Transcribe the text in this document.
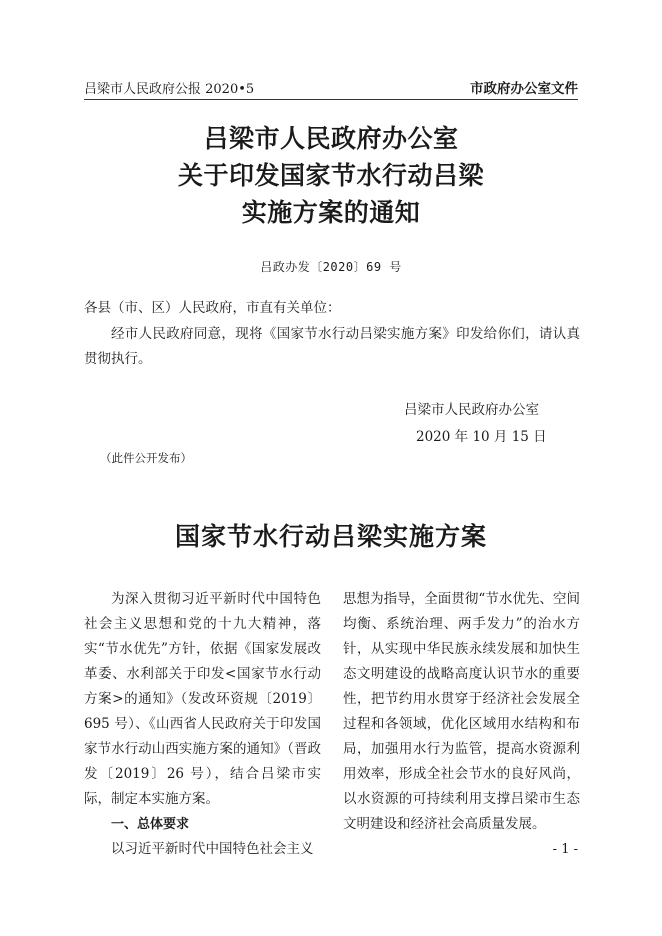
吕梁市人民政府公报 2020•5	市政府办公室文件
吕梁市人民政府办公室
关于印发国家节水行动吕梁
实施方案的通知
吕政办发〔2020〕69 号
各县（市、区）人民政府，市直有关单位：
经市人民政府同意，现将《国家节水行动吕梁实施方案》印发给你们，请认真贯彻执行。
吕梁市人民政府办公室
2020 年 10 月 15 日
（此件公开发布）
国家节水行动吕梁实施方案
为深入贯彻习近平新时代中国特色社会主义思想和党的十九大精神，落实“节水优先”方针，依据《国家发展改革委、水利部关于印发<国家节水行动方案>的通知》（发改环资规〔2019〕695 号）、《山西省人民政府关于印发国家节水行动山西实施方案的通知》（晋政发〔2019〕26 号），结合吕梁市实际，制定本实施方案。
一、总体要求
以习近平新时代中国特色社会主义
思想为指导，全面贯彻“节水优先、空间均衡、系统治理、两手发力”的治水方针，从实现中华民族永续发展和加快生态文明建设的战略高度认识节水的重要性，把节约用水贯穿于经济社会发展全过程和各领域，优化区域用水结构和布局，加强用水行为监管，提高水资源利用效率，形成全社会节水的良好风尚，以水资源的可持续利用支撑吕梁市生态文明建设和经济社会高质量发展。
- 1 -
